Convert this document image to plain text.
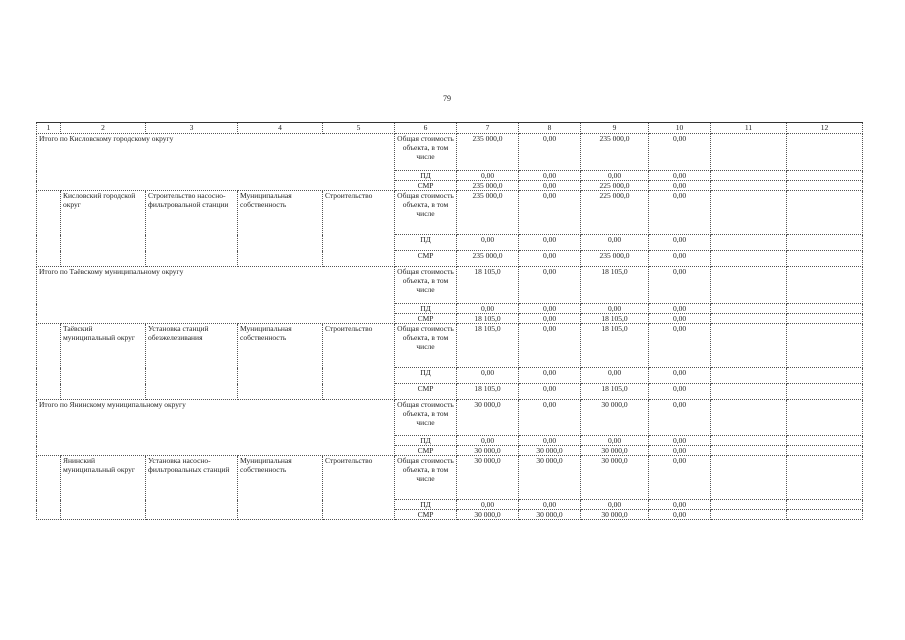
79
1	2	3	4	5	6	7	8	9	10	11	12
Итого по Кисловскому городскому округу					Общая стоимость объекта, в том числе	235 000,0	0,00	235 000,0	0,00		
					ПД	0,00	0,00	0,00	0,00		
					СМР	235 000,0	0,00	225 000,0	0,00		
	Кисловский городской округ	Строительство насосно-фильтровальной станции	Муниципальная собственность	Строительство	Общая стоимость объекта, в том числе	235 000,0	0,00	225 000,0	0,00		
					ПД	0,00	0,00	0,00	0,00		
					СМР	235 000,0	0,00	235 000,0	0,00		
Итого по Таёвскому муниципальному округу					Общая стоимость объекта, в том числе	18 105,0	0,00	18 105,0	0,00		
					ПД	0,00	0,00	0,00	0,00		
					СМР	18 105,0	0,00	18 105,0	0,00		
	Таёвский муниципальный округ	Установка станций обезжелезивания	Муниципальная собственность	Строительство	Общая стоимость объекта, в том числе	18 105,0	0,00	18 105,0	0,00		
					ПД	0,00	0,00	0,00	0,00		
					СМР	18 105,0	0,00	18 105,0	0,00		
Итого по Янинскому муниципальному округу					Общая стоимость объекта, в том числе	30 000,0	0,00	30 000,0	0,00		
					ПД	0,00	0,00	0,00	0,00		
					СМР	30 000,0	30 000,0	30 000,0	0,00		
	Янинский муниципальный округ	Установка насосно-фильтровальных станций	Муниципальная собственность	Строительство	Общая стоимость объекта, в том числе	30 000,0	30 000,0	30 000,0	0,00		
					ПД	0,00	0,00	0,00	0,00		
					СМР	30 000,0	30 000,0	30 000,0	0,00		
